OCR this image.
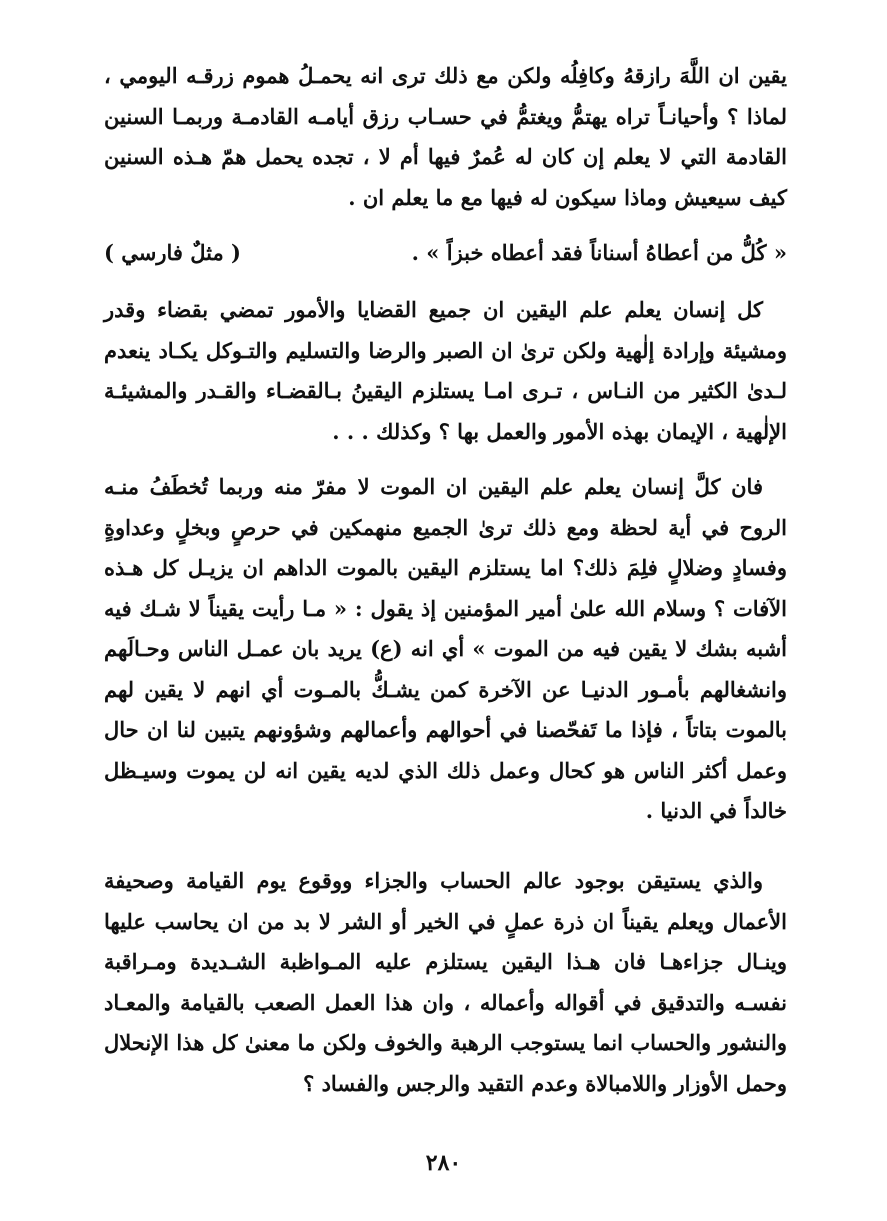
يقين ان اللَّهَ رازقهُ وكافِلُه ولكن مع ذلك ترى انه يحمـلُ هموم زرقـه اليومي ، لماذا ؟ وأحيانـاً تراه يهتمُّ ويغتمُّ في حسـاب رزق أيامـه القادمـة وربمـا السنين القادمة التي لا يعلم إن كان له عُمرٌ فيها أم لا ، تجده يحمل همّ هـذه السنين كيف سيعيش وماذا سيكون له فيها مع ما يعلم ان .

« كُلُّ من أعطاهُ أسناناً فقد أعطاه خبزاً » .
( مثلٌ فارسي )

كل إنسان يعلم علم اليقين ان جميع القضايا والأمور تمضي بقضاء وقدر ومشيئة وإرادة إلٰهية ولكن ترىٰ ان الصبر والرضا والتسليم والتـوكل يكـاد ينعدم لـدىٰ الكثير من النـاس ، تـرى امـا يستلزم اليقينُ بـالقضـاء والقـدر والمشيئـة الإلٰهية ، الإيمان بهذه الأمور والعمل بها ؟ وكذلك . . .

فان كلَّ إنسان يعلم علم اليقين ان الموت لا مفرّ منه وربما تُخطَفُ منـه الروح في أية لحظة ومع ذلك ترىٰ الجميع منهمكين في حرصٍ وبخلٍ وعداوةٍ وفسادٍ وضلالٍ فلِمَ ذلك؟ اما يستلزم اليقين بالموت الداهم ان يزيـل كل هـذه الآفات ؟ وسلام الله علىٰ أمير المؤمنين إذ يقول : « مـا رأيت يقيناً لا شـك فيه أشبه بشك لا يقين فيه من الموت » أي انه (ع) يريد بان عمـل الناس وحـالَهم وانشغالهم بأمـور الدنيـا عن الآخرة كمن يشـكُّ بالمـوت أي انهم لا يقين لهم بالموت بتاتاً ، فإذا ما تَفحّصنا في أحوالهم وأعمالهم وشؤونهم يتبين لنا ان حال وعمل أكثر الناس هو كحال وعمل ذلك الذي لديه يقين انه لن يموت وسيـظل خالداً في الدنيا .

والذي يستيقن بوجود عالم الحساب والجزاء ووقوع يوم القيامة وصحيفة الأعمال ويعلم يقيناً ان ذرة عملٍ في الخير أو الشر لا بد من ان يحاسب عليها وينـال جزاءهـا فان هـذا اليقين يستلزم عليه المـواظبة الشـديدة ومـراقبة نفسـه والتدقيق في أقواله وأعماله ، وان هذا العمل الصعب بالقيامة والمعـاد والنشور والحساب انما يستوجب الرهبة والخوف ولكن ما معنىٰ كل هذا الإنحلال وحمل الأوزار واللامبالاة وعدم التقيد والرجس والفساد ؟

٢٨٠
